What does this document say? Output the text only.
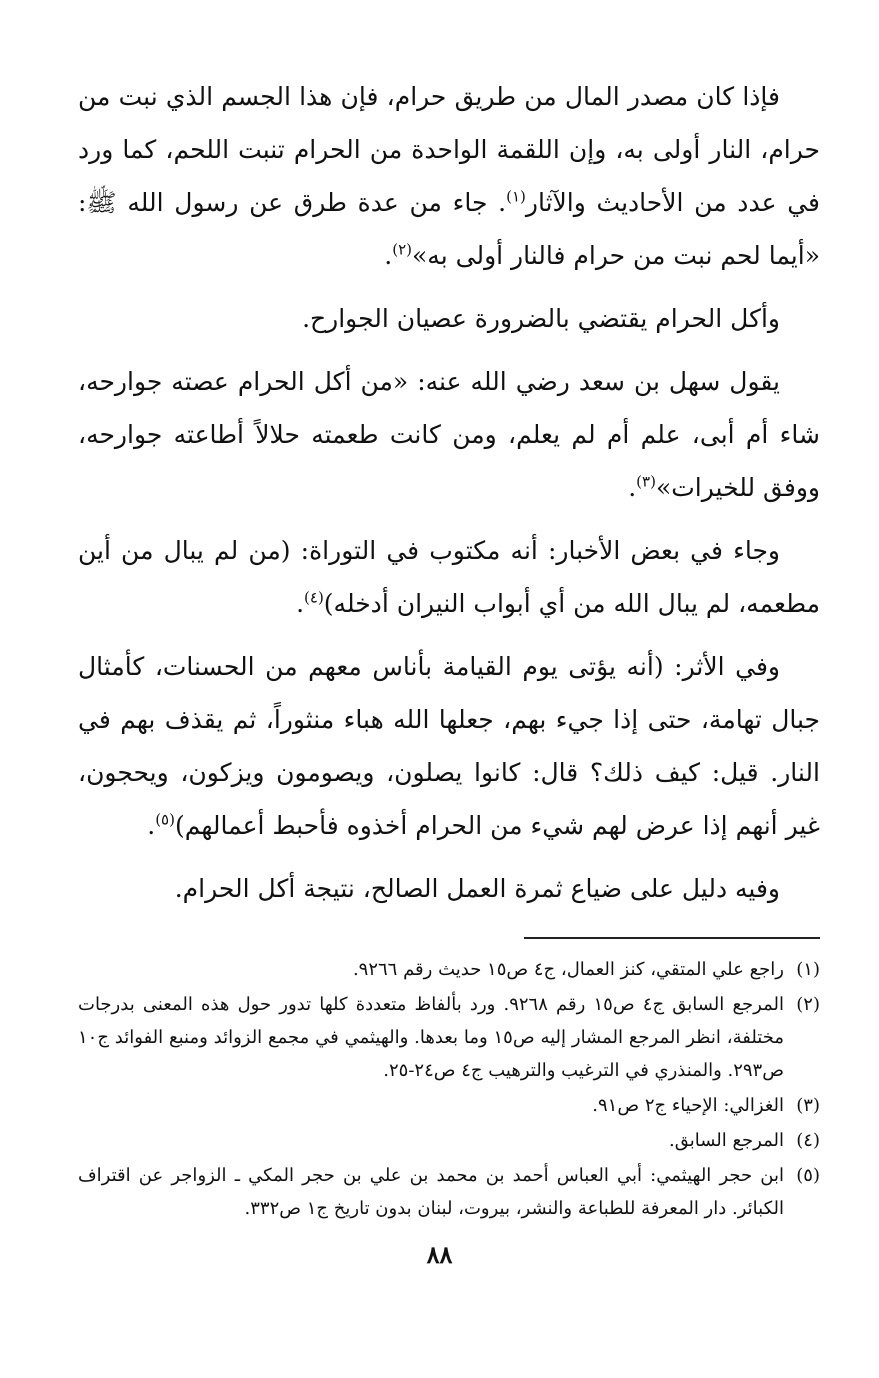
فإذا كان مصدر المال من طريق حرام، فإن هذا الجسم الذي نبت من حرام، النار أولى به، وإن اللقمة الواحدة من الحرام تنبت اللحم، كما ورد في عدد من الأحاديث والآثار$^{(١)}$. جاء من عدة طرق عن رسول الله ﷺ: «أيما لحم نبت من حرام فالنار أولى به»$^{(٢)}$.

وأكل الحرام يقتضي بالضرورة عصيان الجوارح.

يقول سهل بن سعد رضي الله عنه: «من أكل الحرام عصته جوارحه، شاء أم أبى، علم أم لم يعلم، ومن كانت طعمته حلالاً أطاعته جوارحه، ووفق للخيرات»$^{(٣)}$.

وجاء في بعض الأخبار: أنه مكتوب في التوراة: (من لم يبال من أين مطعمه، لم يبال الله من أي أبواب النيران أدخله)$^{(٤)}$.

وفي الأثر: (أنه يؤتى يوم القيامة بأناس معهم من الحسنات، كأمثال جبال تهامة، حتى إذا جيء بهم، جعلها الله هباء منثوراً، ثم يقذف بهم في النار. قيل: كيف ذلك؟ قال: كانوا يصلون، ويصومون ويزكون، ويحجون، غير أنهم إذا عرض لهم شيء من الحرام أخذوه فأحبط أعمالهم)$^{(٥)}$.

وفيه دليل على ضياع ثمرة العمل الصالح، نتيجة أكل الحرام.

(١)
راجع علي المتقي، كنز العمال، ج٤ ص١٥ حديث رقم ٩٢٦٦.
(٢)
المرجع السابق ج٤ ص١٥ رقم ٩٢٦٨. ورد بألفاظ متعددة كلها تدور حول هذه المعنى بدرجات مختلفة، انظر المرجع المشار إليه ص١٥ وما بعدها. والهيثمي في مجمع الزوائد ومنبع الفوائد ج١٠ ص٢٩٣. والمنذري في الترغيب والترهيب ج٤ ص٢٤-٢٥.
(٣)
الغزالي: الإحياء ج٢ ص٩١.
(٤)
المرجع السابق.
(٥)
ابن حجر الهيثمي: أبي العباس أحمد بن محمد بن علي بن حجر المكي ـ الزواجر عن اقتراف الكبائر. دار المعرفة للطباعة والنشر، بيروت، لبنان بدون تاريخ ج١ ص٣٣٢.
٨٨
